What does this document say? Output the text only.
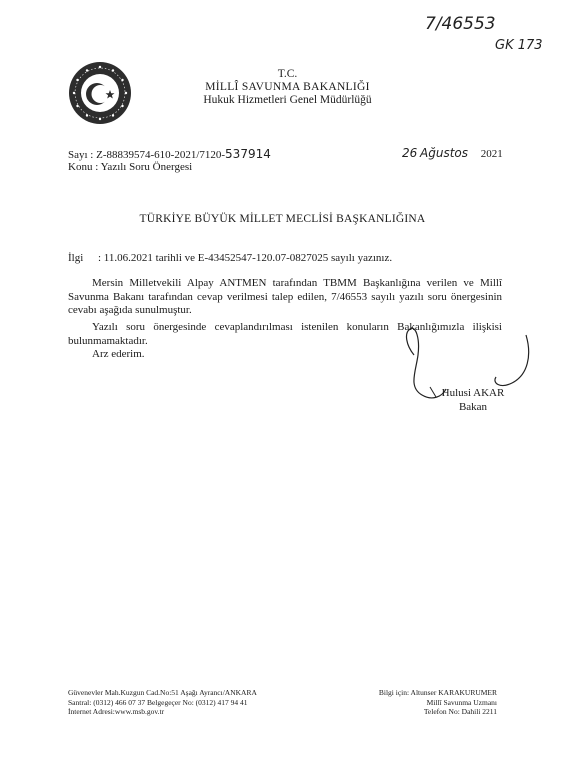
7/46553
GK 173
T.C.
MİLLÎ SAVUNMA BAKANLIĞI
Hukuk Hizmetleri Genel Müdürlüğü
Sayı : Z-88839574-610-2021/7120-537914
Konu : Yazılı Soru Önergesi
26 Ağustos 2021
TÜRKİYE BÜYÜK MİLLET MECLİSİ BAŞKANLIĞINA
İlgi : 11.06.2021 tarihli ve E-43452547-120.07-0827025 sayılı yazınız.
Mersin Milletvekili Alpay ANTMEN tarafından TBMM Başkanlığına verilen ve Millî Savunma Bakanı tarafından cevap verilmesi talep edilen, 7/46553 sayılı yazılı soru önergesinin cevabı aşağıda sunulmuştur.
Yazılı soru önergesinde cevaplandırılması istenilen konuların Bakanlığımızla ilişkisi bulunmamaktadır.
Arz ederim.
Hulusi AKAR
Bakan
Güvenevler Mah.Kuzgun Cad.No:51 Aşağı Ayrancı/ANKARA
Santral: (0312) 466 07 37 Belgegeçer No: (0312) 417 94 41
İnternet Adresi:www.msb.gov.tr
Bilgi için: Altunser KARAKURUMER
Millî Savunma Uzmanı
Telefon No: Dahili 2211
